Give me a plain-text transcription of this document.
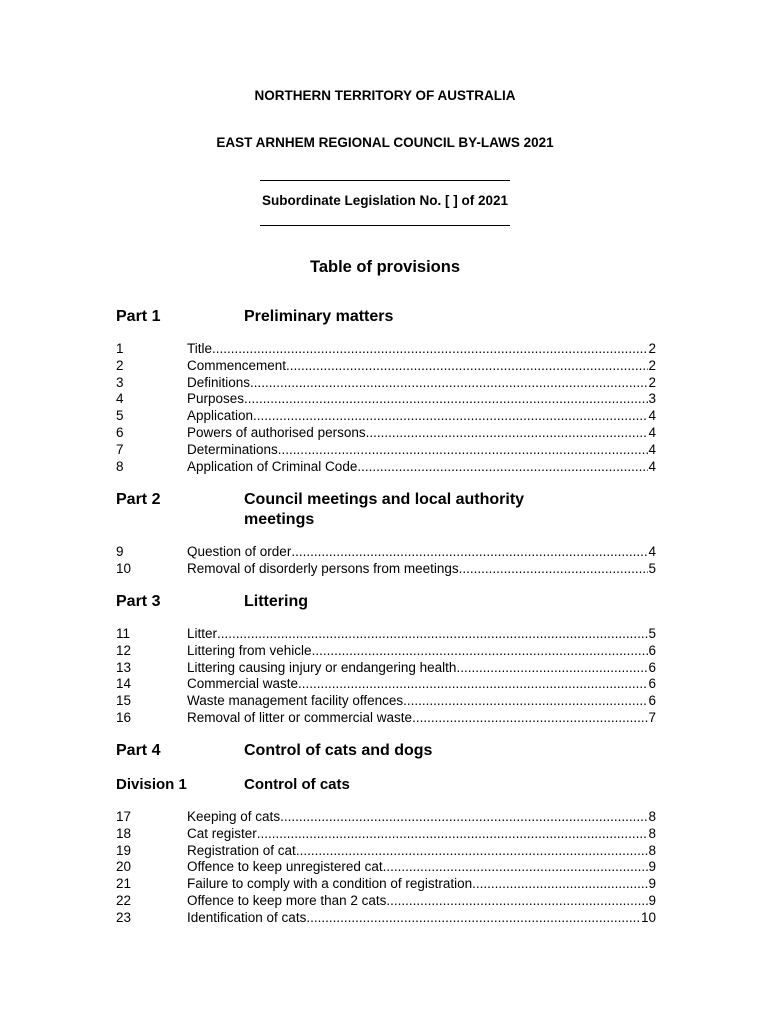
NORTHERN TERRITORY OF AUSTRALIA
EAST ARNHEM REGIONAL COUNCIL BY-LAWS 2021
Subordinate Legislation No. [ ] of 2021
Table of provisions
Part 1	Preliminary matters
1	Title .....	2
2	Commencement .....	2
3	Definitions .....	2
4	Purposes .....	3
5	Application .....	4
6	Powers of authorised persons .....	4
7	Determinations .....	4
8	Application of Criminal Code .....	4
Part 2	Council meetings and local authority meetings
9	Question of order .....	4
10	Removal of disorderly persons from meetings .....	5
Part 3	Littering
11	Litter .....	5
12	Littering from vehicle .....	6
13	Littering causing injury or endangering health .....	6
14	Commercial waste .....	6
15	Waste management facility offences .....	6
16	Removal of litter or commercial waste .....	7
Part 4	Control of cats and dogs
Division 1	Control of cats
17	Keeping of cats .....	8
18	Cat register .....	8
19	Registration of cat .....	8
20	Offence to keep unregistered cat .....	9
21	Failure to comply with a condition of registration .....	9
22	Offence to keep more than 2 cats .....	9
23	Identification of cats .....	10
